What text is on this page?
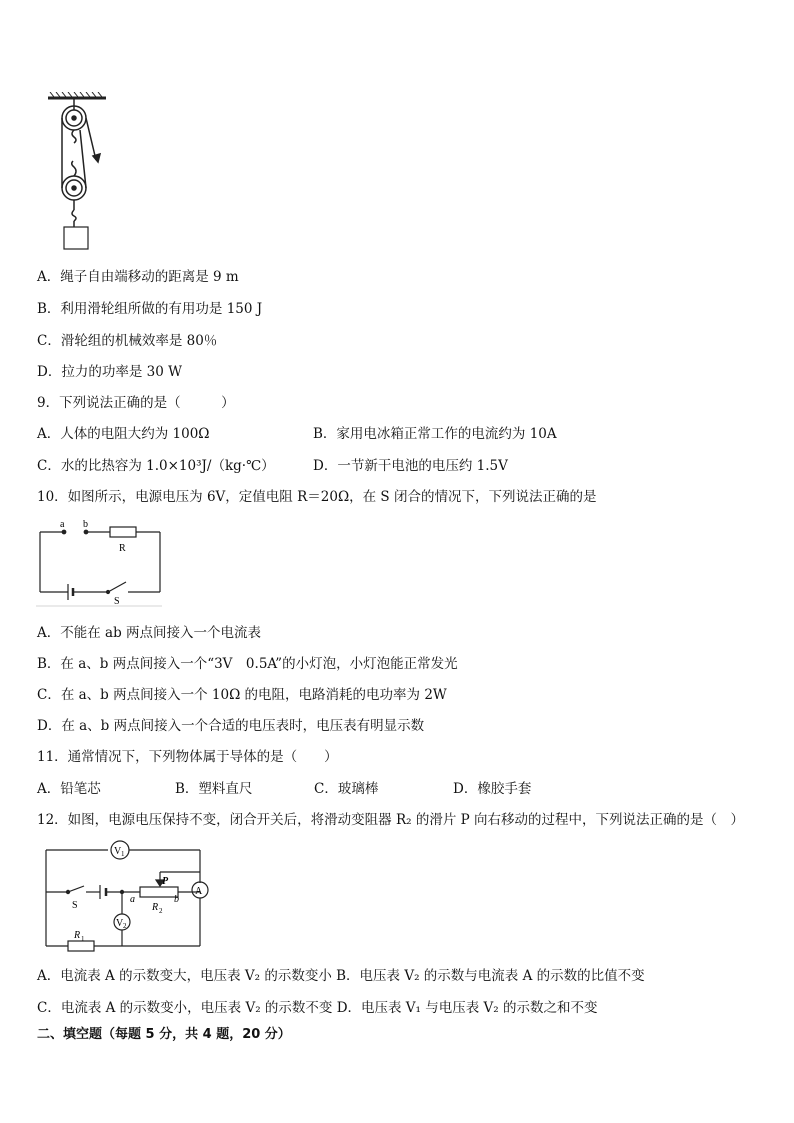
A．绳子自由端移动的距离是 9 m
B．利用滑轮组所做的有用功是 150 J
C．滑轮组的机械效率是 80％
D．拉力的功率是 30 W
9．下列说法正确的是（　　　）
A．人体的电阻大约为 100Ω	B．家用电冰箱正常工作的电流约为 10A
C．水的比热容为 1.0×10³J/（kg·℃）	D．一节新干电池的电压约 1.5V
10．如图所示，电源电压为 6V，定值电阻 R＝20Ω，在 S 闭合的情况下，下列说法正确的是
a b
R
S
A．不能在 ab 两点间接入一个电流表
B．在 a、b 两点间接入一个“3V　0.5A”的小灯泡，小灯泡能正常发光
C．在 a、b 两点间接入一个 10Ω 的电阻，电路消耗的电功率为 2W
D．在 a、b 两点间接入一个合适的电压表时，电压表有明显示数
11．通常情况下，下列物体属于导体的是（　　）
A．铅笔芯	B．塑料直尺	C．玻璃棒	D．橡胶手套
12．如图，电源电压保持不变，闭合开关后，将滑动变阻器 R₂ 的滑片 P 向右移动的过程中，下列说法正确的是（　）
V 1
V 2
A
S
P
R 2
R 1
a	b
A．电流表 A 的示数变大，电压表 V₂ 的示数变小 B．电压表 V₂ 的示数与电流表 A 的示数的比值不变
C．电流表 A 的示数变小，电压表 V₂ 的示数不变 D．电压表 V₁ 与电压表 V₂ 的示数之和不变
二、填空题（每题 5 分，共 4 题，20 分）
